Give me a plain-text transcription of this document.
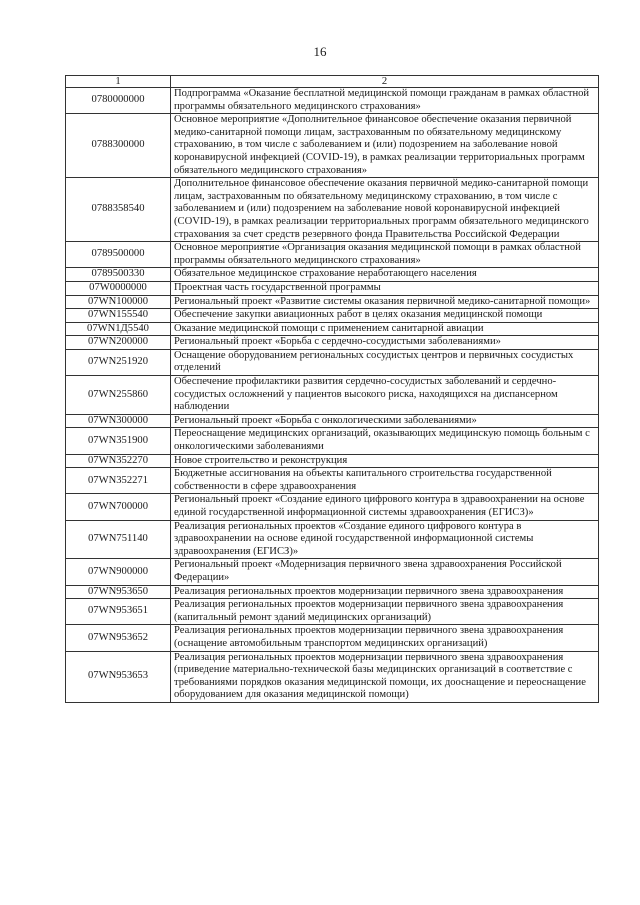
16
1	2
0780000000	Подпрограмма «Оказание бесплатной медицинской помощи гражданам в рамках областной программы обязательного медицинского страхования»
0788300000	Основное мероприятие «Дополнительное финансовое обеспечение оказания первичной медико-санитарной помощи лицам, застрахованным по обязательному медицинскому страхованию, в том числе с заболеванием и (или) подозрением на заболевание новой коронавирусной инфекцией (COVID-19), в рамках реализации территориальных программ обязательного медицинского страхования»
0788358540	Дополнительное финансовое обеспечение оказания первичной медико-санитарной помощи лицам, застрахованным по обязательному медицинскому страхованию, в том числе с заболеванием и (или) подозрением на заболевание новой коронавирусной инфекцией (COVID-19), в рамках реализации территориальных программ обязательного медицинского страхования за счет средств резервного фонда Правительства Российской Федерации
0789500000	Основное мероприятие «Организация оказания медицинской помощи в рамках областной программы обязательного медицинского страхования»
0789500330	Обязательное медицинское страхование неработающего населения
07W0000000	Проектная часть государственной программы
07WN100000	Региональный проект «Развитие системы оказания первичной медико-санитарной помощи»
07WN155540	Обеспечение закупки авиационных работ в целях оказания медицинской помощи
07WN1Д5540	Оказание медицинской помощи с применением санитарной авиации
07WN200000	Региональный проект «Борьба с сердечно-сосудистыми заболеваниями»
07WN251920	Оснащение оборудованием региональных сосудистых центров и первичных сосудистых отделений
07WN255860	Обеспечение профилактики развития сердечно-сосудистых заболеваний и сердечно-сосудистых осложнений у пациентов высокого риска, находящихся на диспансерном наблюдении
07WN300000	Региональный проект «Борьба с онкологическими заболеваниями»
07WN351900	Переоснащение медицинских организаций, оказывающих медицинскую помощь больным с онкологическими заболеваниями
07WN352270	Новое строительство и реконструкция
07WN352271	Бюджетные ассигнования на объекты капитального строительства государственной собственности в сфере здравоохранения
07WN700000	Региональный проект «Создание единого цифрового контура в здравоохранении на основе единой государственной информационной системы здравоохранения (ЕГИСЗ)»
07WN751140	Реализация региональных проектов «Создание единого цифрового контура в здравоохранении на основе единой государственной информационной системы здравоохранения (ЕГИСЗ)»
07WN900000	Региональный проект «Модернизация первичного звена здравоохранения Российской Федерации»
07WN953650	Реализация региональных проектов модернизации первичного звена здравоохранения
07WN953651	Реализация региональных проектов модернизации первичного звена здравоохранения (капитальный ремонт зданий медицинских организаций)
07WN953652	Реализация региональных проектов модернизации первичного звена здравоохранения (оснащение автомобильным транспортом медицинских организаций)
07WN953653	Реализация региональных проектов модернизации первичного звена здравоохранения (приведение материально-технической базы медицинских организаций в соответствие с требованиями порядков оказания медицинской помощи, их дооснащение и переоснащение оборудованием для оказания медицинской помощи)
